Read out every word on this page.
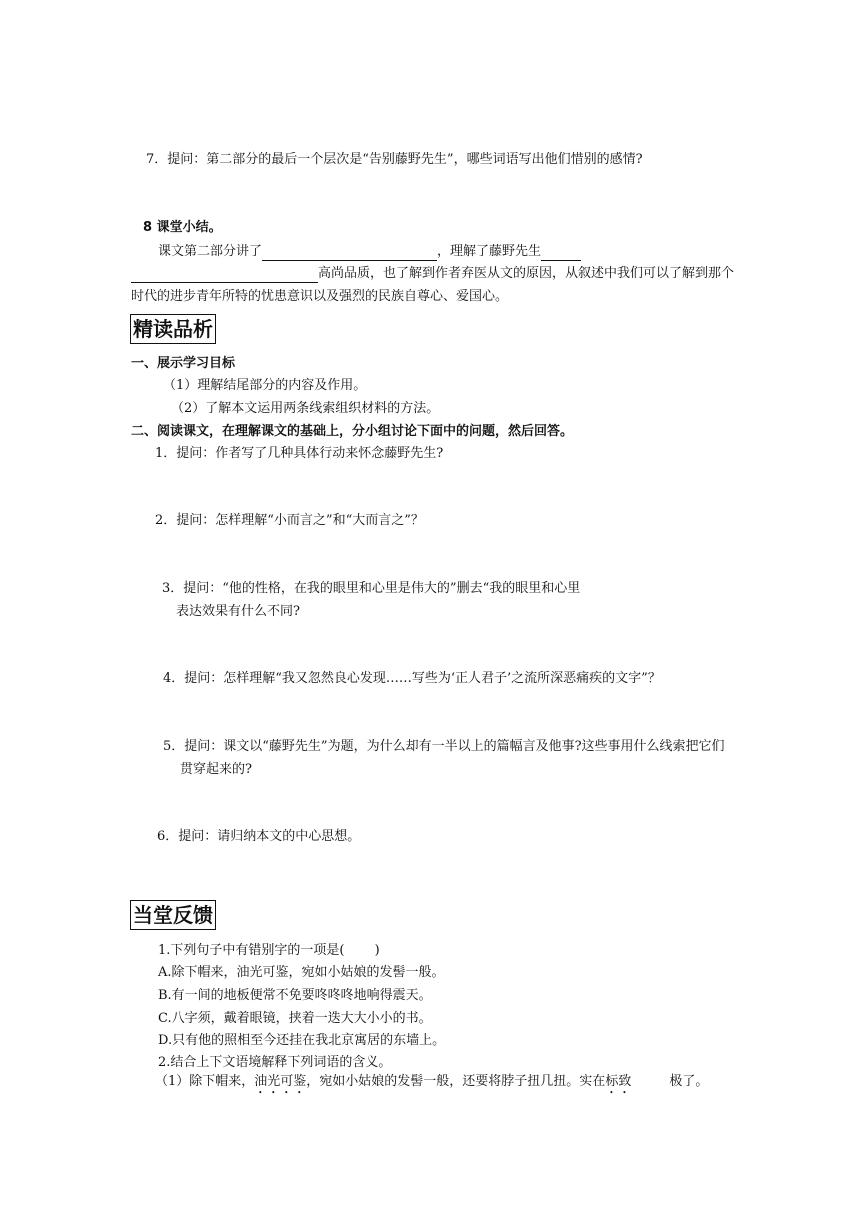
7．提问：第二部分的最后一个层次是“告别藤野先生”，哪些词语写出他们惜别的感情?
8 课堂小结。
课文第二部分讲了	，理解了藤野先生
高尚品质，也了解到作者弃医从文的原因，从叙述中我们可以了解到那个
时代的进步青年所特的忧患意识以及强烈的民族自尊心、爱国心。
精读品析
一、展示学习目标
（1）理解结尾部分的内容及作用。
（2）了解本文运用两条线索组织材料的方法。
二、阅读课文，在理解课文的基础上，分小组讨论下面中的问题，然后回答。
1．提问：作者写了几种具体行动来怀念藤野先生?
2．提问：怎样理解“小而言之”和“大而言之”？
3．提问：“他的性格，在我的眼里和心里是伟大的”删去“我的眼里和心里
表达效果有什么不同?
4．提问：怎样理解“我又忽然良心发现……写些为‘正人君子’之流所深恶痛疾的文字”？
5．提问：课文以“藤野先生”为题，为什么却有一半以上的篇幅言及他事?这些事用什么线索把它们
贯穿起来的?
6．提问：请归纳本文的中心思想。
当堂反馈
1.下列句子中有错别字的一项是(　　 )
A.除下帽来，油光可鉴，宛如小姑娘的发髻一般。
B.有一间的地板便常不免要咚咚咚地响得震天。
C.八字须，戴着眼镜，挟着一迭大大小小的书。
D.只有他的照相至今还挂在我北京寓居的东墙上。
2.结合上下文语境解释下列词语的含义。
（1）除下帽来，油光可鉴，宛如小姑娘的发髻一般，还要将脖子扭几扭。实在标致	极了。
